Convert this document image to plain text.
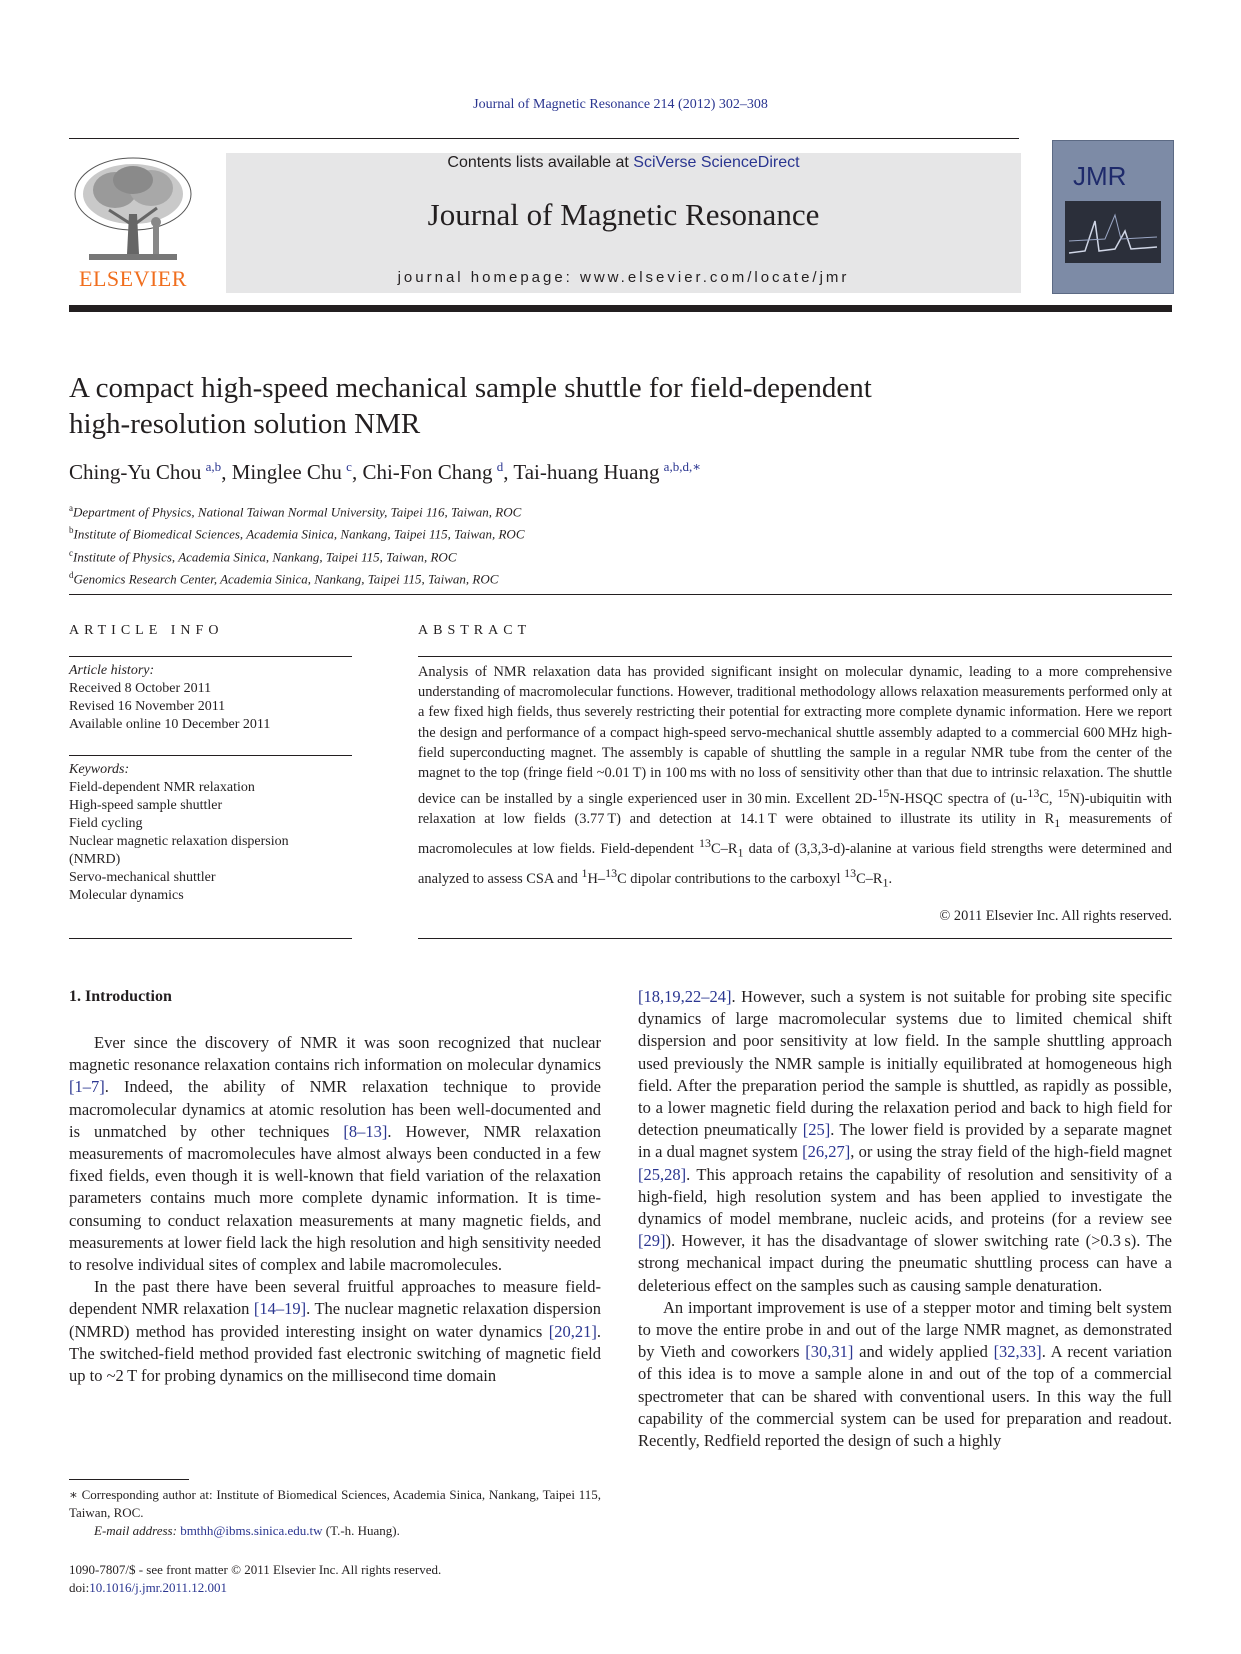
Journal of Magnetic Resonance 214 (2012) 302–308
ELSEVIER
Contents lists available at SciVerse ScienceDirect
Journal of Magnetic Resonance
journal homepage: www.elsevier.com/locate/jmr
JMR
A compact high-speed mechanical sample shuttle for field-dependent
high-resolution solution NMR
Ching-Yu Chou  $^{a,b}$, Minglee Chu  $^c$, Chi-Fon Chang  $^d$, Tai-huang Huang  $^{a,b,d,∗}$
$^a$Department of Physics, National Taiwan Normal University, Taipei 116, Taiwan, ROC
$^b$Institute of Biomedical Sciences, Academia Sinica, Nankang, Taipei 115, Taiwan, ROC
$^c$Institute of Physics, Academia Sinica, Nankang, Taipei 115, Taiwan, ROC
$^d$Genomics Research Center, Academia Sinica, Nankang, Taipei 115, Taiwan, ROC
ARTICLE INFO
Article history:
Received 8 October 2011
Revised 16 November 2011
Available online 10 December 2011
Keywords:
Field-dependent NMR relaxation
High-speed sample shuttler
Field cycling
Nuclear magnetic relaxation dispersion
(NMRD)
Servo-mechanical shuttler
Molecular dynamics
ABSTRACT
Analysis of NMR relaxation data has provided significant insight on molecular dynamic, leading to a more comprehensive understanding of macromolecular functions. However, traditional methodology allows relaxation measurements performed only at a few fixed high fields, thus severely restricting their potential for extracting more complete dynamic information. Here we report the design and performance of a compact high-speed servo-mechanical shuttle assembly adapted to a commercial 600 MHz high-field superconducting magnet. The assembly is capable of shuttling the sample in a regular NMR tube from the center of the magnet to the top (fringe field ~0.01 T) in 100 ms with no loss of sensitivity other than that due to intrinsic relaxation. The shuttle device can be installed by a single experienced user in 30 min. Excellent 2D-$^{15}$N-HSQC spectra of (u-$^{13}$C, $^{15}$N)-ubiquitin with relaxation at low fields (3.77 T) and detection at 14.1 T were obtained to illustrate its utility in $R_1$ measurements of macromolecules at low fields. Field-dependent $^{13}C-R_1$ data of (3,3,3-d)-alanine at various field strengths were determined and analyzed to assess CSA and $^1$H–$^{13}$C dipolar contributions to the carboxyl $^{13}C-R_1$.
© 2011 Elsevier Inc. All rights reserved.
1. Introduction

Ever since the discovery of NMR it was soon recognized that nuclear magnetic resonance relaxation contains rich information on molecular dynamics [1–7]. Indeed, the ability of NMR relaxation technique to provide macromolecular dynamics at atomic resolution has been well-documented and is unmatched by other techniques [8–13]. However, NMR relaxation measurements of macromolecules have almost always been conducted in a few fixed fields, even though it is well-known that field variation of the relaxation parameters contains much more complete dynamic information. It is time-consuming to conduct relaxation measurements at many magnetic fields, and measurements at lower field lack the high resolution and high sensitivity needed to resolve individual sites of complex and labile macromolecules.

In the past there have been several fruitful approaches to measure field-dependent NMR relaxation [14–19]. The nuclear magnetic relaxation dispersion (NMRD) method has provided interesting insight on water dynamics [20,21]. The switched-field method provided fast electronic switching of magnetic field up to ~2 T for probing dynamics on the millisecond time domain

[18,19,22–24]. However, such a system is not suitable for probing site specific dynamics of large macromolecular systems due to limited chemical shift dispersion and poor sensitivity at low field. In the sample shuttling approach used previously the NMR sample is initially equilibrated at homogeneous high field. After the preparation period the sample is shuttled, as rapidly as possible, to a lower magnetic field during the relaxation period and back to high field for detection pneumatically [25]. The lower field is provided by a separate magnet in a dual magnet system [26,27], or using the stray field of the high-field magnet [25,28]. This approach retains the capability of resolution and sensitivity of a high-field, high resolution system and has been applied to investigate the dynamics of model membrane, nucleic acids, and proteins (for a review see [29]). However, it has the disadvantage of slower switching rate (>0.3 s). The strong mechanical impact during the pneumatic shuttling process can have a deleterious effect on the samples such as causing sample denaturation.

An important improvement is use of a stepper motor and timing belt system to move the entire probe in and out of the large NMR magnet, as demonstrated by Vieth and coworkers [30,31] and widely applied [32,33]. A recent variation of this idea is to move a sample alone in and out of the top of a commercial spectrometer that can be shared with conventional users. In this way the full capability of the commercial system can be used for preparation and readout. Recently, Redfield reported the design of such a highly

∗ Corresponding author at: Institute of Biomedical Sciences, Academia Sinica, Nankang, Taipei 115, Taiwan, ROC.
E-mail address: bmthh@ibms.sinica.edu.tw (T.-h. Huang).
1090-7807/$ - see front matter © 2011 Elsevier Inc. All rights reserved.
doi:10.1016/j.jmr.2011.12.001
